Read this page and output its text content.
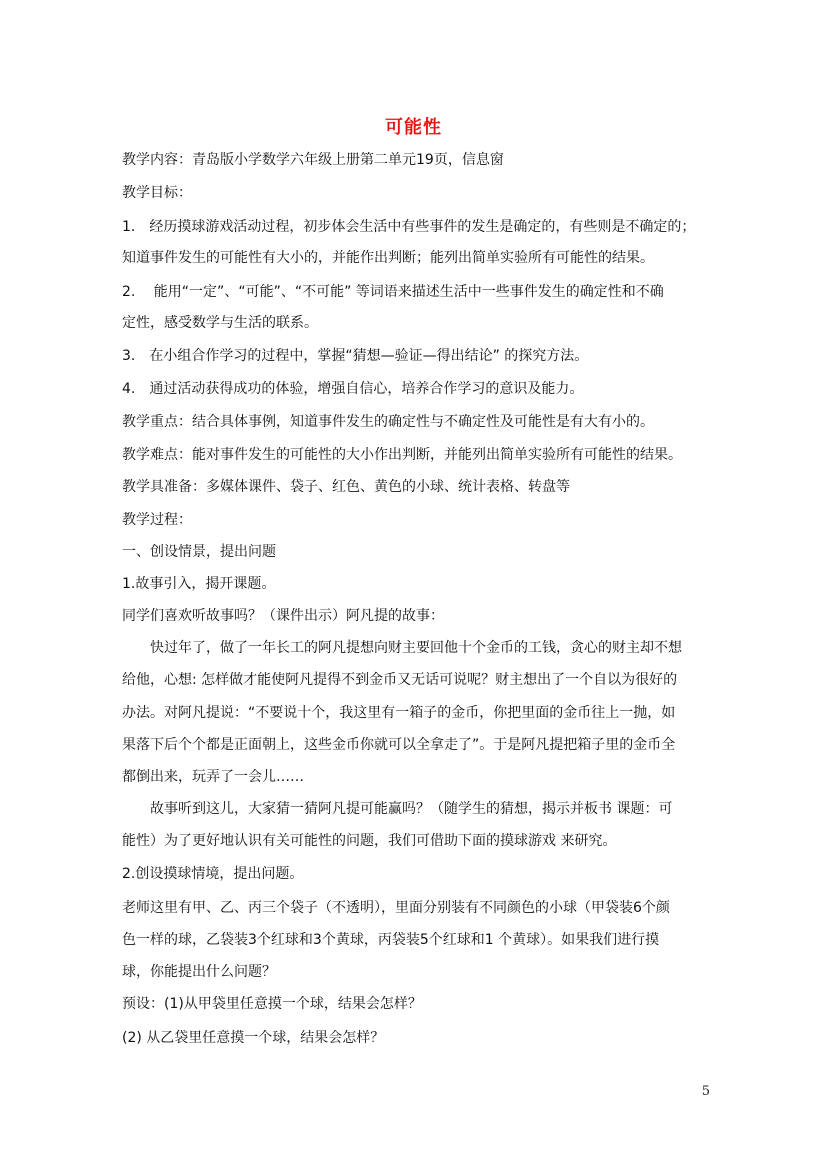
可能性
教学内容：青岛版小学数学六年级上册第二单元19页，信息窗
教学目标：
1.　经历摸球游戏活动过程，初步体会生活中有些事件的发生是确定的，有些则是不确定的；
知道事件发生的可能性有大小的，并能作出判断；能列出简单实验所有可能性的结果。
2.　 能用“一定”、“可能”、“不可能” 等词语来描述生活中一些事件发生的确定性和不确
定性，感受数学与生活的联系。
3.　在小组合作学习的过程中，掌握“猜想—验证—得出结论” 的探究方法。
4.　通过活动获得成功的体验，增强自信心，培养合作学习的意识及能力。
教学重点：结合具体事例，知道事件发生的确定性与不确定性及可能性是有大有小的。
教学难点：能对事件发生的可能性的大小作出判断，并能列出简单实验所有可能性的结果。
教学具准备：多媒体课件、袋子、红色、黄色的小球、统计表格、转盘等
教学过程：
一、创设情景，提出问题
1.故事引入，揭开课题。
同学们喜欢听故事吗？（课件出示）阿凡提的故事：
　　快过年了，做了一年长工的阿凡提想向财主要回他十个金币的工钱，贪心的财主却不想
给他，心想: 怎样做才能使阿凡提得不到金币又无话可说呢？财主想出了一个自以为很好的
办法。对阿凡提说：“不要说十个，我这里有一箱子的金币，你把里面的金币往上一抛，如
果落下后个个都是正面朝上，这些金币你就可以全拿走了”。于是阿凡提把箱子里的金币全
都倒出来，玩弄了一会儿……
　　故事听到这儿，大家猜一猜阿凡提可能赢吗？（随学生的猜想，揭示并板书 课题：可
能性）为了更好地认识有关可能性的问题，我们可借助下面的摸球游戏 来研究。
2.创设摸球情境，提出问题。
老师这里有甲、乙、丙三个袋子（不透明），里面分别装有不同颜色的小球（甲袋装6个颜
色一样的球，乙袋装3个红球和3个黄球，丙袋装5个红球和1 个黄球）。如果我们进行摸
球，你能提出什么问题？
预设：(1)从甲袋里任意摸一个球，结果会怎样？
(2) 从乙袋里任意摸一个球，结果会怎样？
5
